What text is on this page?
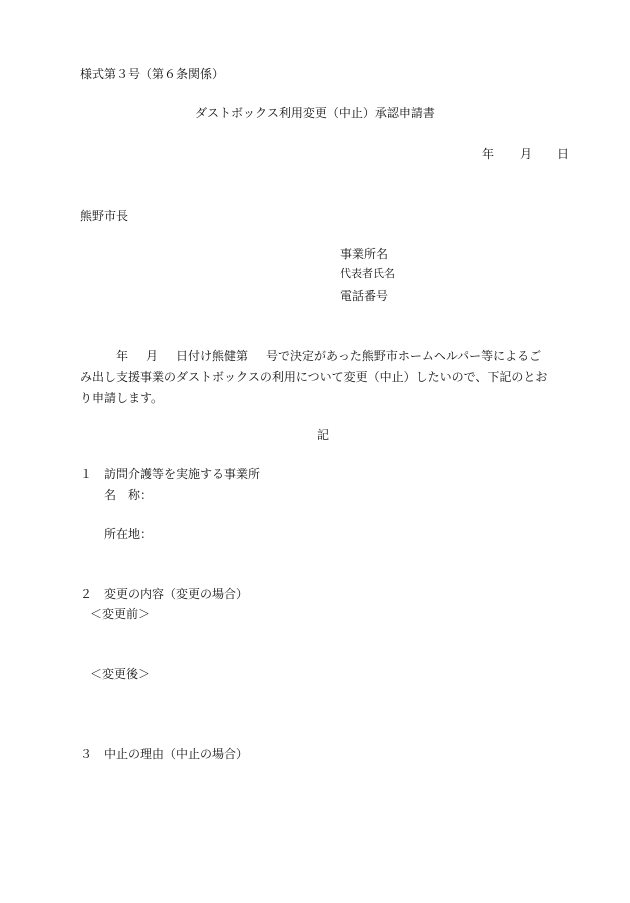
様式第３号（第６条関係）
ダストボックス利用変更（中止）承認申請書
年 月 日
熊野市長
事業所名
代表者氏名
電話番号
年 月 日付け熊健第 号で決定があった熊野市ホームヘルパー等によるごみ出し支援事業のダストボックスの利用について変更（中止）したいので、下記のとおり申請します。
記
１ 訪問介護等を実施する事業所
名　称：
所在地：
２ 変更の内容（変更の場合）
＜変更前＞
＜変更後＞
３ 中止の理由（中止の場合）
